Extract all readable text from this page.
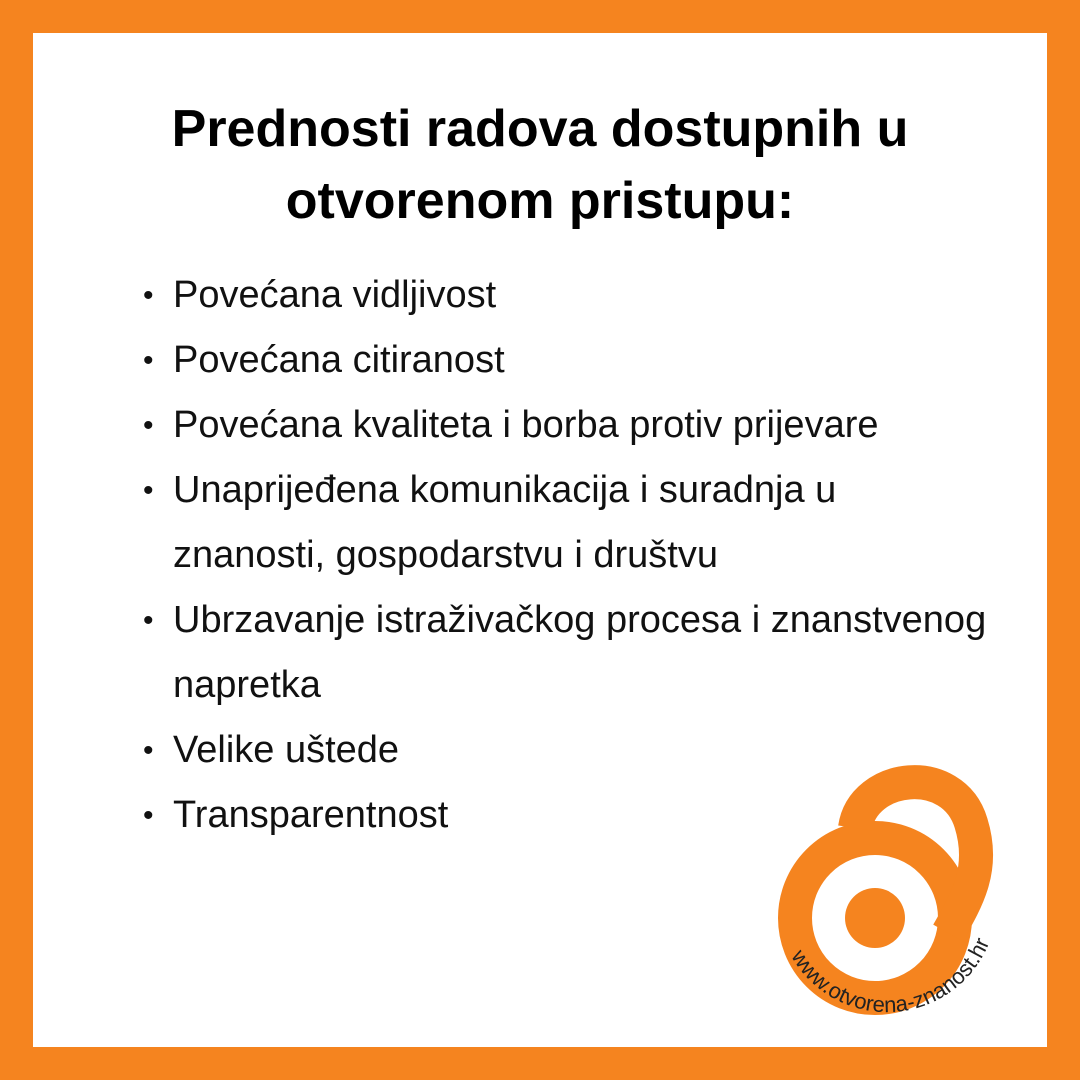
Prednosti radova dostupnih u otvorenom pristupu:
• Povećana vidljivost
• Povećana citiranost
• Povećana kvaliteta i borba protiv prijevare
• Unaprijeđena komunikacija i suradnja u znanosti, gospodarstvu i društvu
• Ubrzavanje istraživačkog procesa i znanstvenog napretka
• Velike uštede
• Transparentnost
www.otvorena-znanost.hr
